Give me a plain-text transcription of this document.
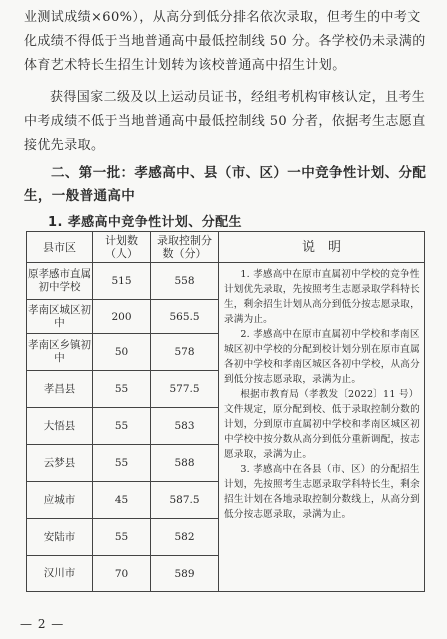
业测试成绩×60%），从高分到低分排名依次录取，但考生的中考文化成绩不得低于当地普通高中最低控制线 50 分。各学校仍未录满的体育艺术特长生招生计划转为该校普通高中招生计划。
获得国家二级及以上运动员证书，经组考机构审核认定，且考生中考成绩不低于当地普通高中最低控制线 50 分者，依据考生志愿直接优先录取。
二、第一批：孝感高中、县（市、区）一中竞争性计划、分配生，一般普通高中
1. 孝感高中竞争性计划、分配生
县市区	计划数（人）	录取控制分数（分）	说　明
原孝感市直属初中学校	515	558	1. 孝感高中在原市直属初中学校的竞争性计划优先录取，先按照考生志愿录取学科特长生，剩余招生计划从高分到低分按志愿录取，录满为止。

2. 孝感高中在原市直属初中学校和孝南区城区初中学校的分配到校计划分别在原市直属各初中学校和孝南区城区各初中学校，从高分到低分按志愿录取，录满为止。

根据市教育局（孝教发〔2022〕11 号）文件规定，原分配到校、低于录取控制分数的计划，分到原市直属初中学校和孝南区城区初中学校中按分数从高分到低分重新调配，按志愿录取，录满为止。

3. 孝感高中在各县（市、区）的分配招生计划，先按照考生志愿录取学科特长生，剩余招生计划在各地录取控制分数线上，从高分到低分按志愿录取，录满为止。

孝南区城区初中	200	565.5	
孝南区乡镇初中	50	578	
孝昌县	55	577.5	
大悟县	55	583	
云梦县	55	588	
应城市	45	587.5	
安陆市	55	582	
汉川市	70	589	
— 2 —
